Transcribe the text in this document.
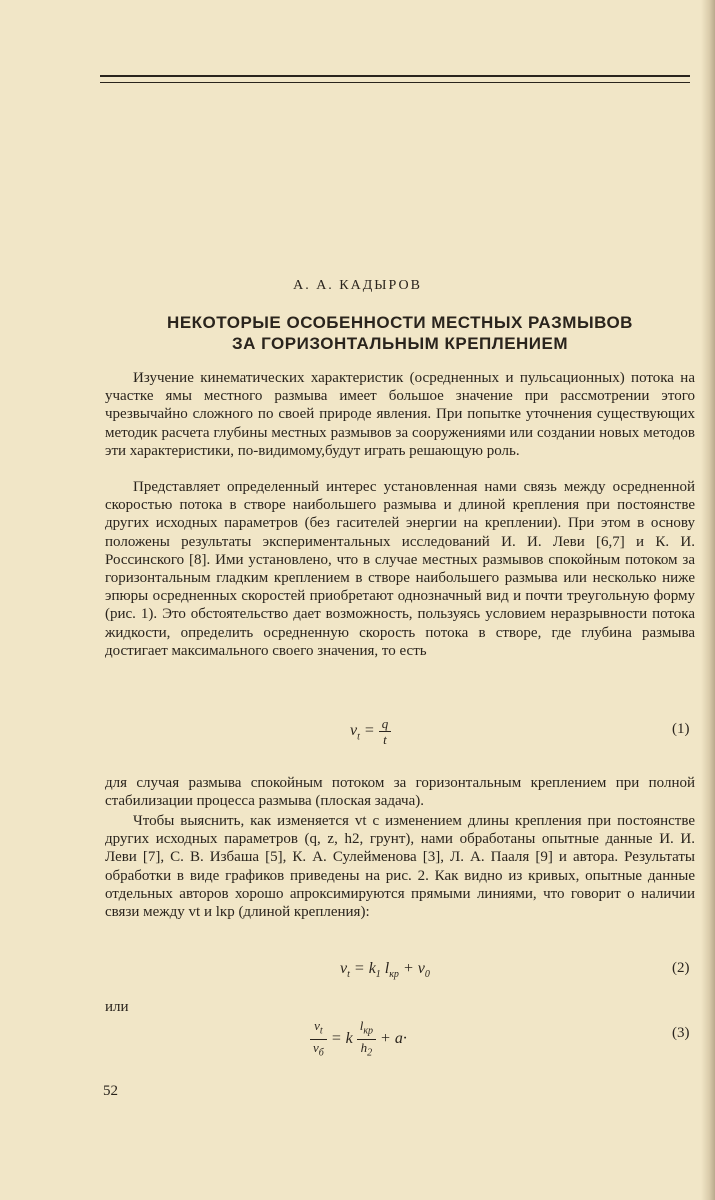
А. А. КАДЫРОВ
НЕКОТОРЫЕ ОСОБЕННОСТИ МЕСТНЫХ РАЗМЫВОВ
ЗА ГОРИЗОНТАЛЬНЫМ КРЕПЛЕНИЕМ

Изучение кинематических характеристик (осредненных и пульсационных) потока на участке ямы местного размыва имеет большое значение при рассмотрении этого чрезвычайно сложного по своей природе явления. При попытке уточнения существующих методик расчета глубины местных размывов за сооружениями или создании новых методов эти характеристики, по-видимому,будут играть решающую роль.

Представляет определенный интерес установленная нами связь между осредненной скоростью потока в створе наибольшего размыва и длиной крепления при постоянстве других исходных параметров (без гасителей энергии на креплении). При этом в основу положены результаты экспериментальных исследований И. И. Леви [6,7] и К. И. Россинского [8]. Ими установлено, что в случае местных размывов спокойным потоком за горизонтальным гладким креплением в створе наибольшего размыва или несколько ниже эпюры осредненных скоростей приобретают однозначный вид и почти треугольную форму (рис. 1). Это обстоятельство дает возможность, пользуясь условием неразрывности потока жидкости, определить осредненную скорость потока в створе, где глубина размыва достигает максимального своего значения, то есть

$v_t = \frac{q}{t}$	(1)

для случая размыва спокойным потоком за горизонтальным креплением при полной стабилизации процесса размыва (плоская задача).

Чтобы выяснить, как изменяется vt с изменением длины крепления при постоянстве других исходных параметров (q, z, h2, грунт), нами обработаны опытные данные И. И. Леви [7], С. В. Избаша [5], К. А. Сулейменова [3], Л. А. Пааля [9] и автора. Результаты обработки в виде графиков приведены на рис. 2. Как видно из кривых, опытные данные отдельных авторов хорошо апроксимируются прямыми линиями, что говорит о наличии связи между vt и lкр (длиной крепления):

$v_t = k_1$ $l_{кр} + v_0$	(2)

или

$\frac{v_t}{v_б} = k \frac{l_{кр}}{h_2} + a\cdot$	(3)
52
